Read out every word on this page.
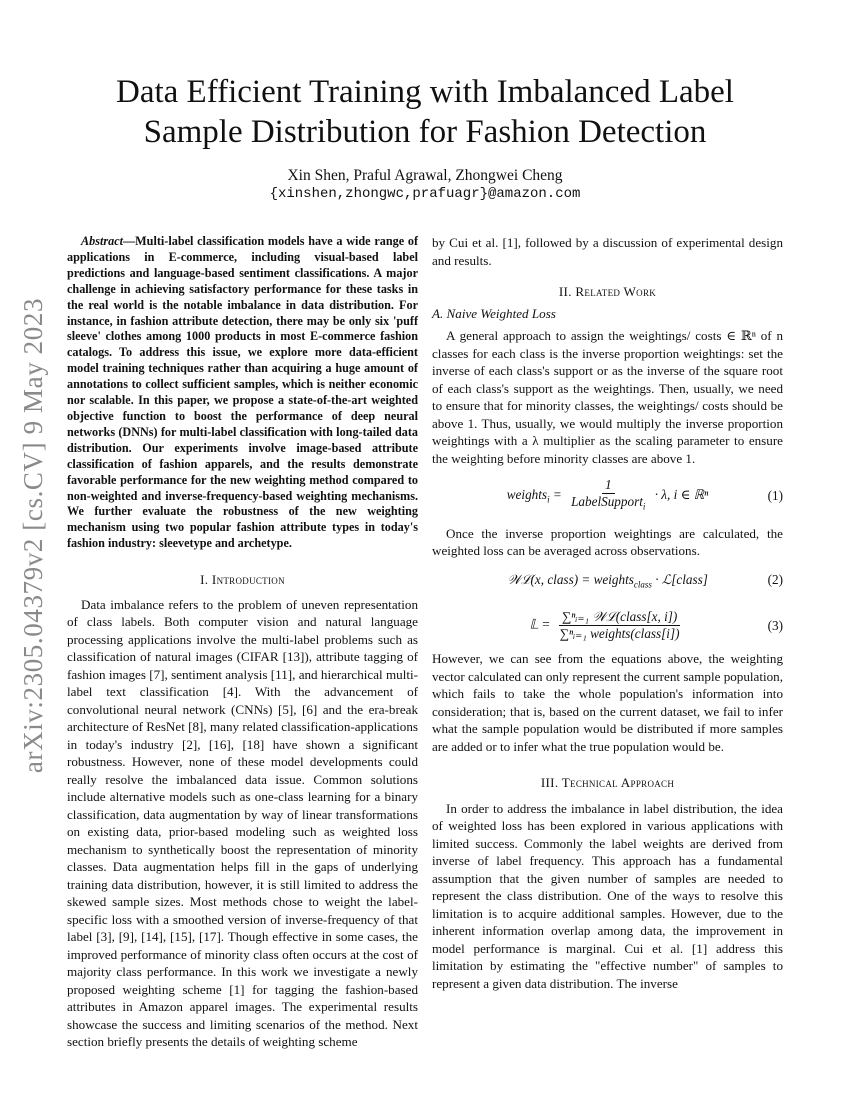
arXiv:2305.04379v2 [cs.CV] 9 May 2023
Data Efficient Training with Imbalanced Label
Sample Distribution for Fashion Detection
Xin Shen, Praful Agrawal, Zhongwei Cheng
{xinshen,zhongwc,prafuagr}@amazon.com

Abstract—Multi-label classification models have a wide range of applications in E-commerce, including visual-based label predictions and language-based sentiment classifications. A major challenge in achieving satisfactory performance for these tasks in the real world is the notable imbalance in data distribution. For instance, in fashion attribute detection, there may be only six 'puff sleeve' clothes among 1000 products in most E-commerce fashion catalogs. To address this issue, we explore more data-efficient model training techniques rather than acquiring a huge amount of annotations to collect sufficient samples, which is neither economic nor scalable. In this paper, we propose a state-of-the-art weighted objective function to boost the performance of deep neural networks (DNNs) for multi-label classification with long-tailed data distribution. Our experiments involve image-based attribute classification of fashion apparels, and the results demonstrate favorable performance for the new weighting method compared to non-weighted and inverse-frequency-based weighting mechanisms. We further evaluate the robustness of the new weighting mechanism using two popular fashion attribute types in today's fashion industry: sleevetype and archetype.

I. Introduction

Data imbalance refers to the problem of uneven representation of class labels. Both computer vision and natural language processing applications involve the multi-label problems such as classification of natural images (CIFAR [13]), attribute tagging of fashion images [7], sentiment analysis [11], and hierarchical multi-label text classification [4]. With the advancement of convolutional neural network (CNNs) [5], [6] and the era-break architecture of ResNet [8], many related classification-applications in today's industry [2], [16], [18] have shown a significant robustness. However, none of these model developments could really resolve the imbalanced data issue. Common solutions include alternative models such as one-class learning for a binary classification, data augmentation by way of linear transformations on existing data, prior-based modeling such as weighted loss mechanism to synthetically boost the representation of minority classes. Data augmentation helps fill in the gaps of underlying training data distribution, however, it is still limited to address the skewed sample sizes. Most methods chose to weight the label-specific loss with a smoothed version of inverse-frequency of that label [3], [9], [14], [15], [17]. Though effective in some cases, the improved performance of minority class often occurs at the cost of majority class performance. In this work we investigate a newly proposed weighting scheme [1] for tagging the fashion-based attributes in Amazon apparel images. The experimental results showcase the success and limiting scenarios of the method. Next section briefly presents the details of weighting scheme

by Cui et al. [1], followed by a discussion of experimental design and results.

II. Related Work
A. Naive Weighted Loss

A general approach to assign the weightings/ costs ∈ ℝⁿ of n classes for each class is the inverse proportion weightings: set the inverse of each class's support or as the inverse of the square root of each class's support as the weightings. Then, usually, we need to ensure that for minority classes, the weightings/ costs should be above 1. Thus, usually, we would multiply the inverse proportion weightings with a λ multiplier as the scaling parameter to ensure the weighting before minority classes are above 1.

weights$_i$ = $\frac{1}{LabelSupport_i} \cdot \lambda$, i ∈ ℝⁿ	(1)

Once the inverse proportion weightings are calculated, the weighted loss can be averaged across observations.

𝒲ℒ(x, class) = weights$_{class}$ · ℒ[class]	(2)
𝕃 = $\frac{\text{∑ⁿᵢ₌₁ 𝒲ℒ(class[x, i])}}{\text{∑ⁿᵢ₌₁ weights(class[i])}}$	(3)

However, we can see from the equations above, the weighting vector calculated can only represent the current sample population, which fails to take the whole population's information into consideration; that is, based on the current dataset, we fail to infer what the sample population would be distributed if more samples are added or to infer what the true population would be.

III. Technical Approach

In order to address the imbalance in label distribution, the idea of weighted loss has been explored in various applications with limited success. Commonly the label weights are derived from inverse of label frequency. This approach has a fundamental assumption that the given number of samples are needed to represent the class distribution. One of the ways to resolve this limitation is to acquire additional samples. However, due to the inherent information overlap among data, the improvement in model performance is marginal. Cui et al. [1] address this limitation by estimating the "effective number" of samples to represent a given data distribution. The inverse
